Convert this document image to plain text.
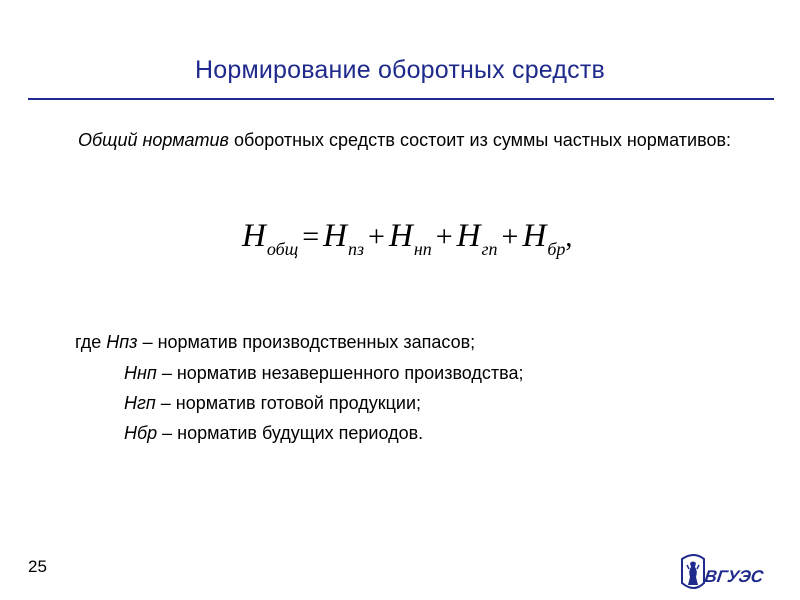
Нормирование оборотных средств
Общий норматив оборотных средств состоит из суммы частных нормативов:
$Н_{общ} = Н_{пз} + Н_{нп} + Н_{гп} + Н_{бр}$,
где Нпз – норматив производственных запасов;
Ннп – норматив незавершенного производства;
Нгп – норматив готовой продукции;
Нбр – норматив будущих периодов.
25
ВГУЭС
